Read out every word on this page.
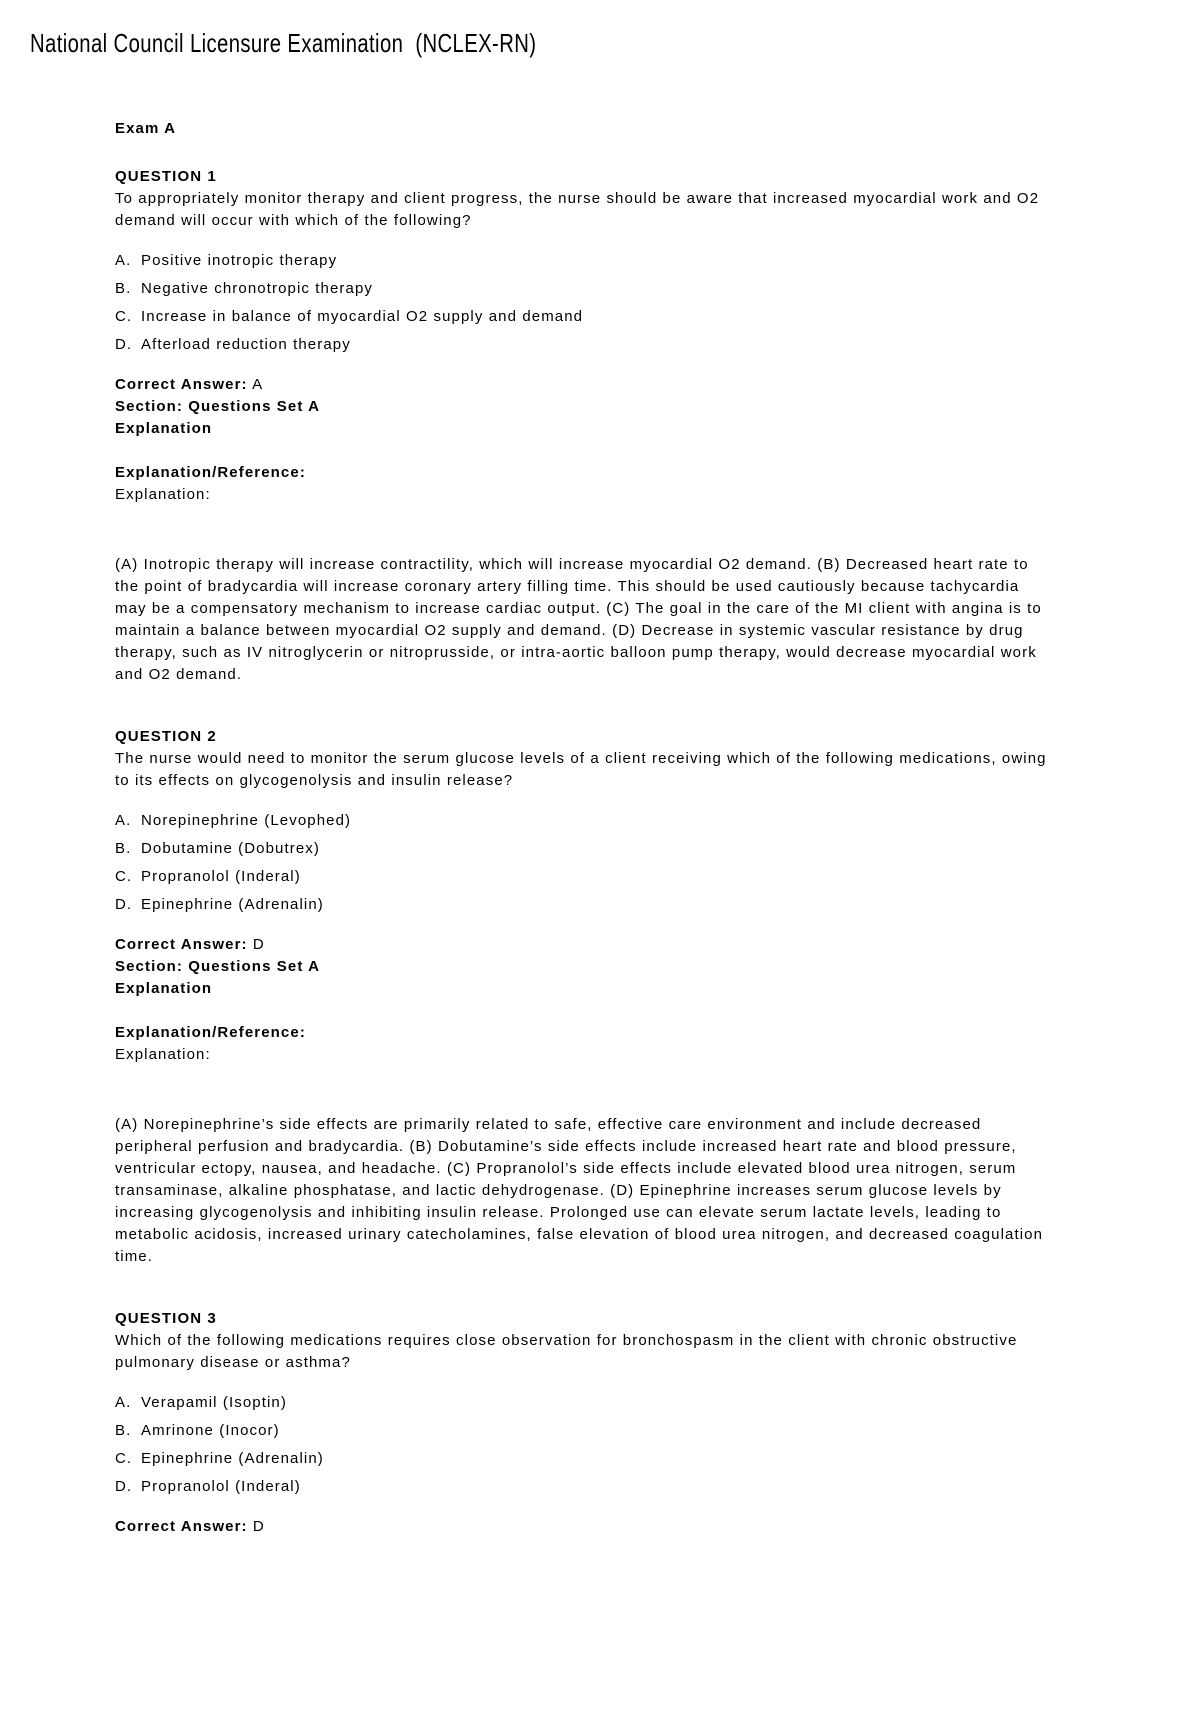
National Council Licensure Examination  (NCLEX-RN)

Exam A

QUESTION 1

To appropriately monitor therapy and client progress, the nurse should be aware that increased myocardial work and O2 demand will occur with which of the following?

A. Positive inotropic therapy
B. Negative chronotropic therapy
C. Increase in balance of myocardial O2 supply and demand
D. Afterload reduction therapy

Correct Answer: A

Section: Questions Set A

Explanation

Explanation/Reference:

Explanation:

(A) Inotropic therapy will increase contractility, which will increase myocardial O2 demand. (B) Decreased heart rate to the point of bradycardia will increase coronary artery filling time. This should be used cautiously because tachycardia may be a compensatory mechanism to increase cardiac output. (C) The goal in the care of the MI client with angina is to maintain a balance between myocardial O2 supply and demand. (D) Decrease in systemic vascular resistance by drug therapy, such as IV nitroglycerin or nitroprusside, or intra-aortic balloon pump therapy, would decrease myocardial work and O2 demand.

QUESTION 2

The nurse would need to monitor the serum glucose levels of a client receiving which of the following medications, owing to its effects on glycogenolysis and insulin release?

A. Norepinephrine (Levophed)
B. Dobutamine (Dobutrex)
C. Propranolol (Inderal)
D. Epinephrine (Adrenalin)

Correct Answer: D

Section: Questions Set A

Explanation

Explanation/Reference:

Explanation:

(A) Norepinephrine’s side effects are primarily related to safe, effective care environment and include decreased peripheral perfusion and bradycardia. (B) Dobutamine’s side effects include increased heart rate and blood pressure, ventricular ectopy, nausea, and headache. (C) Propranolol’s side effects include elevated blood urea nitrogen, serum transaminase, alkaline phosphatase, and lactic dehydrogenase. (D) Epinephrine increases serum glucose levels by increasing glycogenolysis and inhibiting insulin release. Prolonged use can elevate serum lactate levels, leading to metabolic acidosis, increased urinary catecholamines, false elevation of blood urea nitrogen, and decreased coagulation time.

QUESTION 3

Which of the following medications requires close observation for bronchospasm in the client with chronic obstructive pulmonary disease or asthma?

A. Verapamil (Isoptin)
B. Amrinone (Inocor)
C. Epinephrine (Adrenalin)
D. Propranolol (Inderal)

Correct Answer: D
